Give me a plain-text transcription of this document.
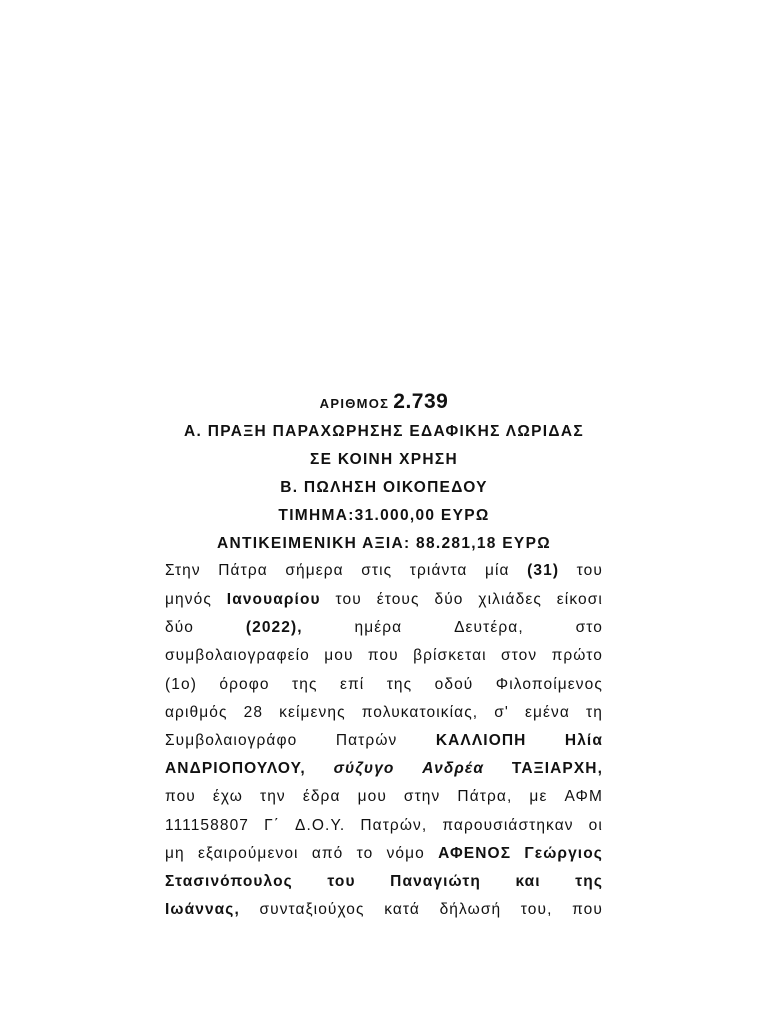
ΑΡΙΘΜΟΣ 2.739
Α. ΠΡΑΞΗ ΠΑΡΑΧΩΡΗΣΗΣ ΕΔΑΦΙΚΗΣ ΛΩΡΙΔΑΣ
ΣΕ ΚΟΙΝΗ ΧΡΗΣΗ
Β. ΠΩΛΗΣΗ ΟΙΚΟΠΕΔΟΥ
ΤΙΜΗΜΑ:31.000,00 ΕΥΡΩ
ΑΝΤΙΚΕΙΜΕΝΙΚΗ ΑΞΙΑ: 88.281,18 ΕΥΡΩ
Στην Πάτρα σήμερα στις τριάντα μία (31) του
μηνός Ιανουαρίου του έτους δύο χιλιάδες είκοσι
δύο	(2022),	ημέρα	Δευτέρα,	στο
συμβολαιογραφείο μου που βρίσκεται στον πρώτο
(1ο) όροφο της επί της οδού Φιλοποίμενος
αριθμός 28 κείμενης πολυκατοικίας, σ' εμένα τη
Συμβολαιογράφο Πατρών ΚΑΛΛΙΟΠΗ Ηλία
ΑΝΔΡΙΟΠΟΥΛΟΥ, σύζυγο Ανδρέα ΤΑΞΙΑΡΧΗ,
που έχω την έδρα μου στην Πάτρα, με ΑΦΜ
111158807 Γ΄ Δ.Ο.Υ. Πατρών, παρουσιάστηκαν οι
μη εξαιρούμενοι από το νόμο ΑΦΕΝΟΣ Γεώργιος
Στασινόπουλος του Παναγιώτη και της
Ιωάννας, συνταξιούχος κατά δήλωσή του, που
